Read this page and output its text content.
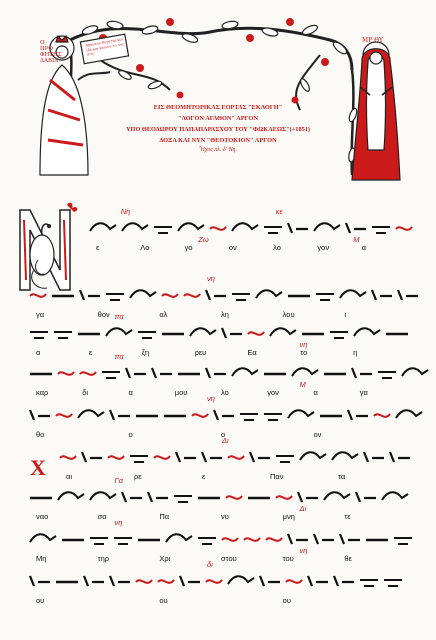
Ο
ΠΡΟ
ΦΗΤΗΣ
ΔΑΒΙΔ
ΜΡ ΘΥ
Ακουσον θυγατερ και ιδε και κλινον το ους σου
ΕΙΣ ΘΕΟΜΗΤΟΡΙΚΑΣ ΕΟΡΤΑΣ "ΕΚΛΟΓΗ"
"ΛΟΓΟΝ ΑΓΑΘΟΝ" ΑΡΓΟΝ
ΥΠΟ ΘΕΟΔΩΡΟΥ ΠΑΠΑΠΑΡΑΣΧΟΥ ΤΟΥ "ΦΩΚΑΕΩΣ"(+1851)
ΔΟΞΑ ΚΑΙ ΝΥΝ "ΘΕΟΤΟΚΙΟΝ" ΑΡΓΟΝ
Ἦχος πλ. δ' Νη.
Χ
Νη
Ζω
κε
Μ
ε	Λο	γο	ον	λο	γον	α
νη
γα	θον	αλ	λη	λου	ι
πα
νη
α	ε	ξη	ρευ	Εα	το	η
πα
Μ
καρ	δι	α	μου	λο	γον	α	γα
νη
θο	ο	ο	ον
Δι
αι	ρε	ε	Παν	τα
Γα
Δι
ναο	σα	Πα	νυ	μνη	τε
νη
νη
Μη	τηρ	Χρι	στου	του	θε
δι
ου	ου	ου
